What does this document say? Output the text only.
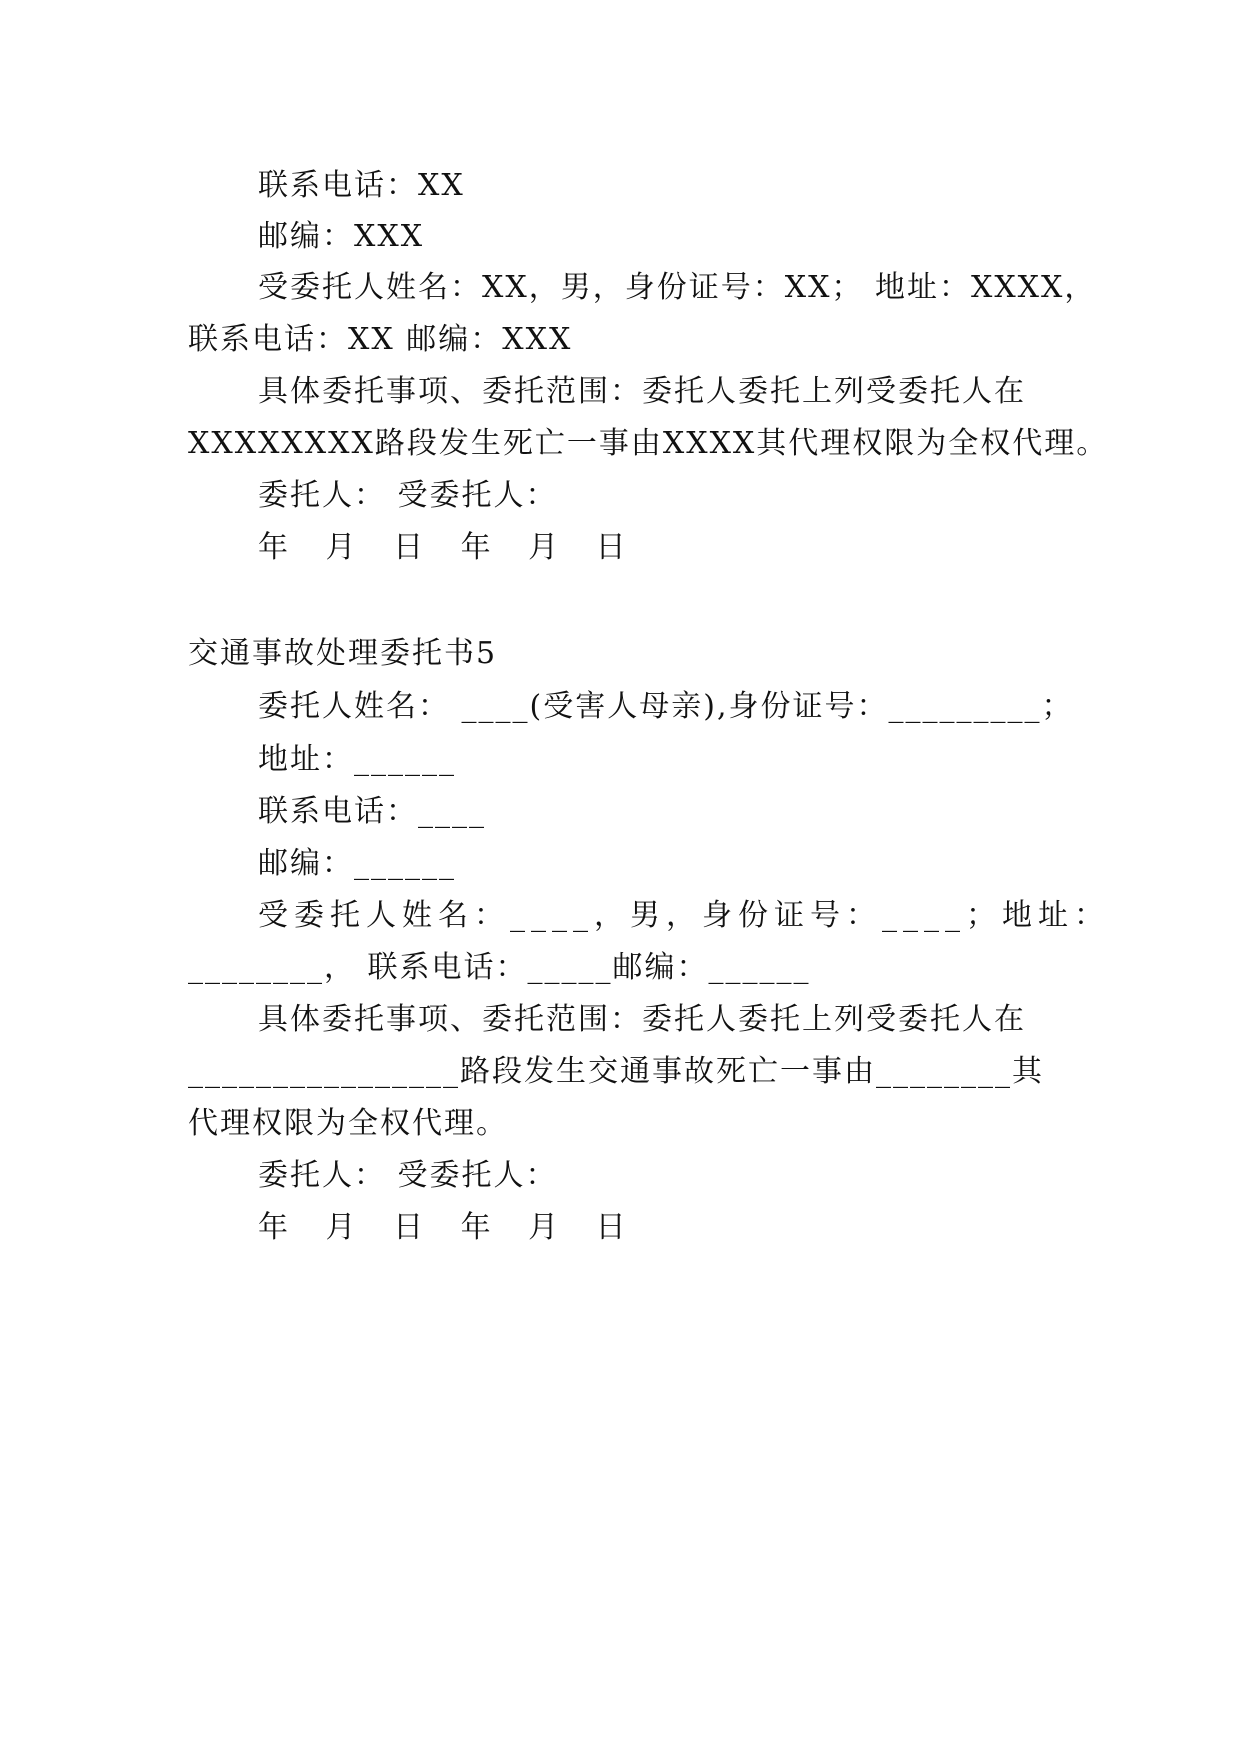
联系电话：XX
邮编：XXX
受委托人姓名：XX，男，身份证号：XX； 地址：XXXX，
联系电话：XX 邮编：XXX
具体委托事项、委托范围：委托人委托上列受委托人在
XXXXXXXX路段发生死亡一事由XXXX其代理权限为全权代理。
委托人： 受委托人：
年 月 日 年 月 日
交通事故处理委托书5
委托人姓名： ____(受害人母亲),身份证号：_________；
地址：______
联系电话：____
邮编：______
受委托人姓名：____，男，身份证号：____；地址：
________， 联系电话：_____邮编：______
具体委托事项、委托范围：委托人委托上列受委托人在
________________路段发生交通事故死亡一事由________其
代理权限为全权代理。
委托人： 受委托人：
年 月 日 年 月 日
